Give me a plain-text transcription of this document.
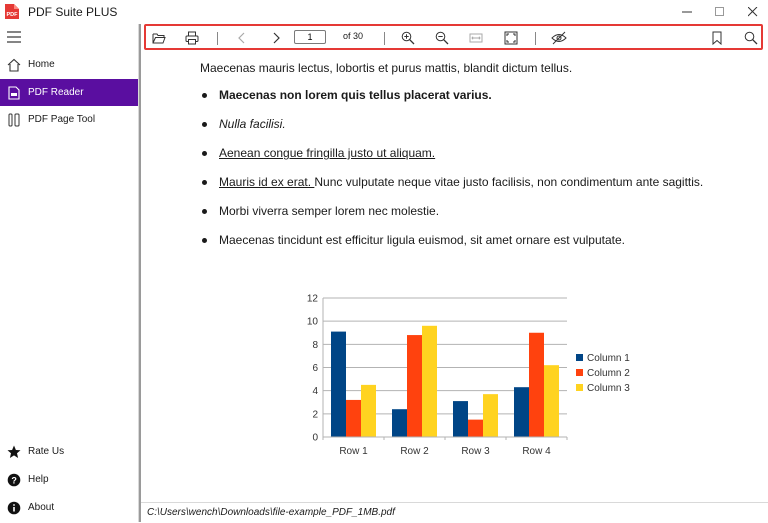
PDF PDF Suite PLUS
Home
PDF Reader
PDF Page Tool
Rate Us
? Help
About
1
of 30
Maecenas mauris lectus, lobortis et purus mattis, blandit dictum tellus.
Maecenas non lorem quis tellus placerat varius.
Nulla facilisi.
Aenean congue fringilla justo ut aliquam.
Mauris id ex erat. Nunc vulputate neque vitae justo facilisis, non condimentum ante sagittis.
Morbi viverra semper lorem nec molestie.
Maecenas tincidunt est efficitur ligula euismod, sit amet ornare est vulputate.
0
2
4
6
8
10
12
Row 1	Row 2	Row 3	Row 4
Column 1
Column 2
Column 3
C:\Users\wench\Downloads\file-example_PDF_1MB.pdf
